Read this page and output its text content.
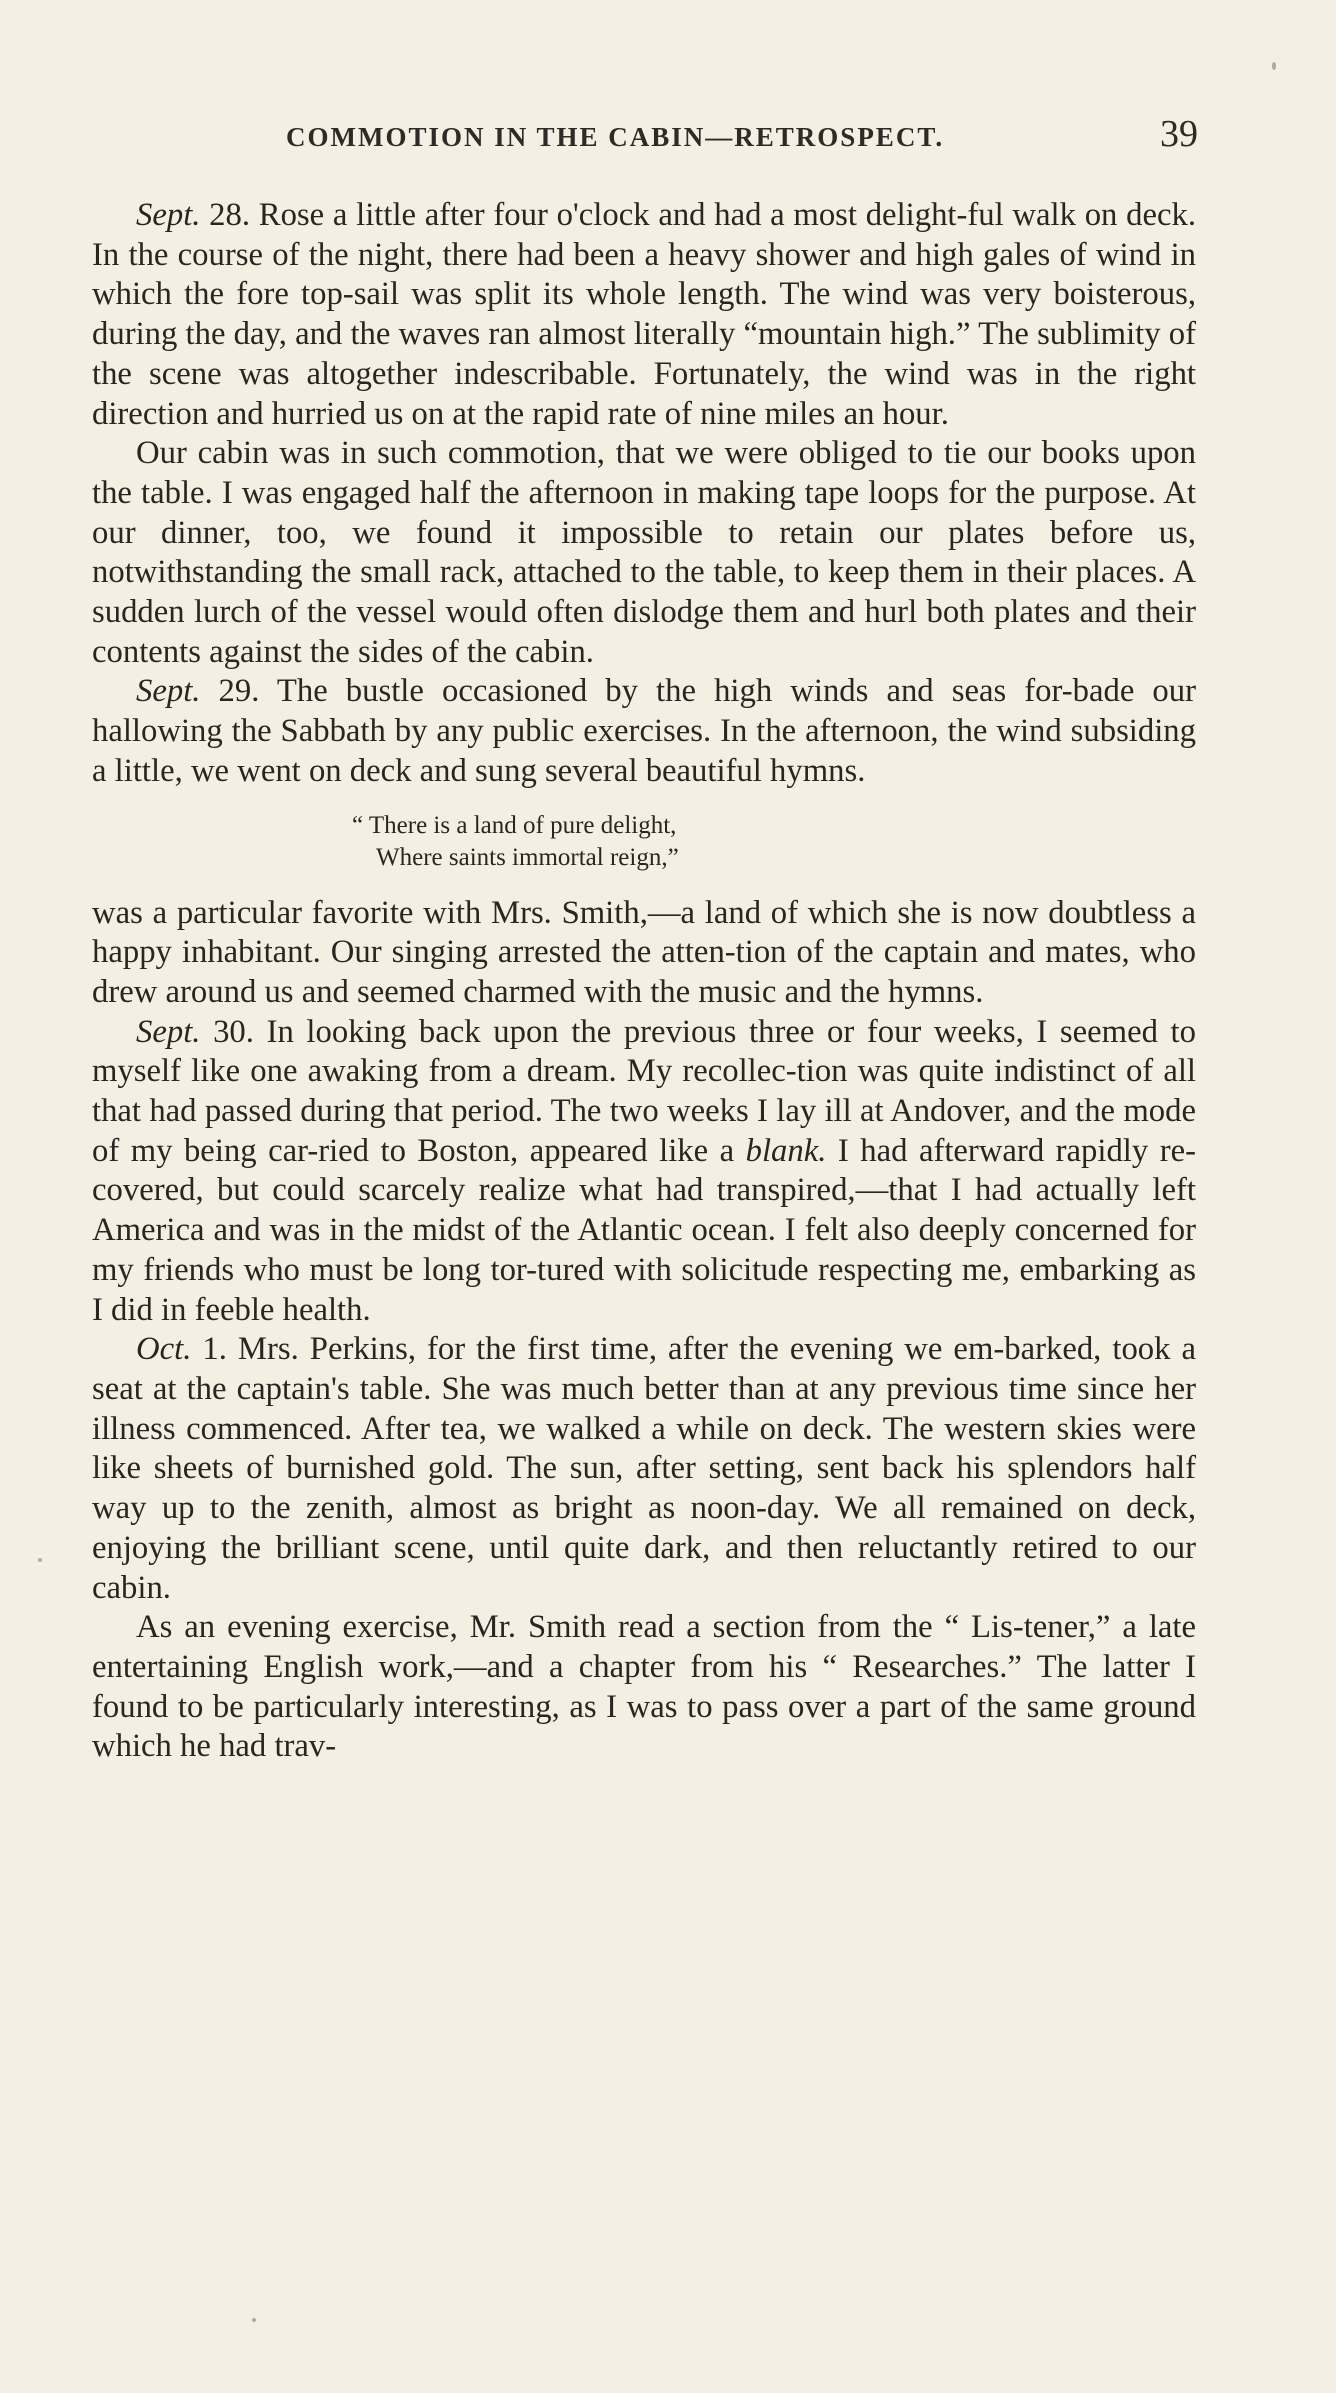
COMMOTION IN THE CABIN—RETROSPECT.	39

Sept. 28. Rose a little after four o'clock and had a most delight-ful walk on deck. In the course of the night, there had been a heavy shower and high gales of wind in which the fore top-sail was split its whole length. The wind was very boisterous, during the day, and the waves ran almost literally “mountain high.” The sublimity of the scene was altogether indescribable. Fortunately, the wind was in the right direction and hurried us on at the rapid rate of nine miles an hour.

Our cabin was in such commotion, that we were obliged to tie our books upon the table. I was engaged half the afternoon in making tape loops for the purpose. At our dinner, too, we found it impossible to retain our plates before us, notwithstanding the small rack, attached to the table, to keep them in their places. A sudden lurch of the vessel would often dislodge them and hurl both plates and their contents against the sides of the cabin.

Sept. 29. The bustle occasioned by the high winds and seas for-bade our hallowing the Sabbath by any public exercises. In the afternoon, the wind subsiding a little, we went on deck and sung several beautiful hymns.

“ There is a land of pure delight,
Where saints immortal reign,”

was a particular favorite with Mrs. Smith,—a land of which she is now doubtless a happy inhabitant. Our singing arrested the atten-tion of the captain and mates, who drew around us and seemed charmed with the music and the hymns.

Sept. 30. In looking back upon the previous three or four weeks, I seemed to myself like one awaking from a dream. My recollec-tion was quite indistinct of all that had passed during that period. The two weeks I lay ill at Andover, and the mode of my being car-ried to Boston, appeared like a blank. I had afterward rapidly re-covered, but could scarcely realize what had transpired,—that I had actually left America and was in the midst of the Atlantic ocean. I felt also deeply concerned for my friends who must be long tor-tured with solicitude respecting me, embarking as I did in feeble health.

Oct. 1. Mrs. Perkins, for the first time, after the evening we em-barked, took a seat at the captain's table. She was much better than at any previous time since her illness commenced. After tea, we walked a while on deck. The western skies were like sheets of burnished gold. The sun, after setting, sent back his splendors half way up to the zenith, almost as bright as noon-day. We all remained on deck, enjoying the brilliant scene, until quite dark, and then reluctantly retired to our cabin.

As an evening exercise, Mr. Smith read a section from the “ Lis-tener,” a late entertaining English work,—and a chapter from his “ Researches.” The latter I found to be particularly interesting, as I was to pass over a part of the same ground which he had trav-
